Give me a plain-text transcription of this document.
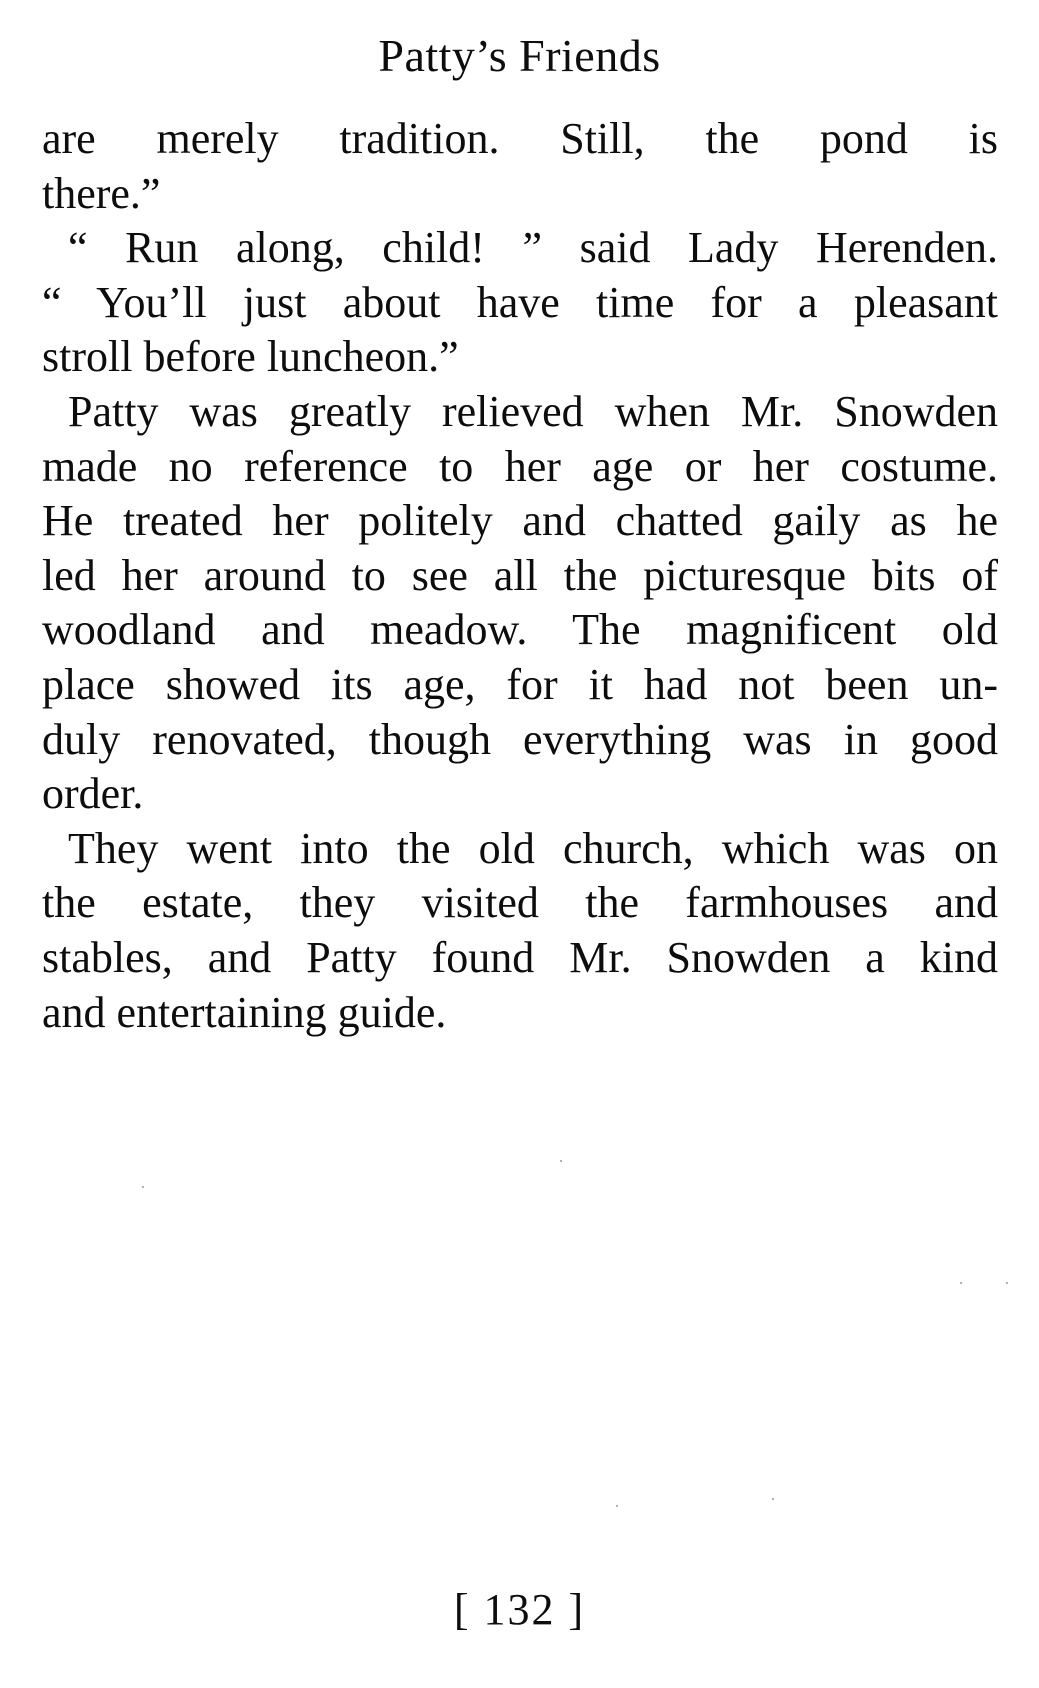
Patty’s Friends

are merely tradition. Still, the pond is
there.”

“ Run along, child! ” said Lady Herenden.
“ You’ll just about have time for a pleasant
stroll before luncheon.”

Patty was greatly relieved when Mr. Snowden
made no reference to her age or her costume.
He treated her politely and chatted gaily as he
led her around to see all the picturesque bits of
woodland and meadow. The magnificent old
place showed its age, for it had not been un-
duly renovated, though everything was in good
order.

They went into the old church, which was on
the estate, they visited the farmhouses and
stables, and Patty found Mr. Snowden a kind
and entertaining guide.

[ 132 ]
